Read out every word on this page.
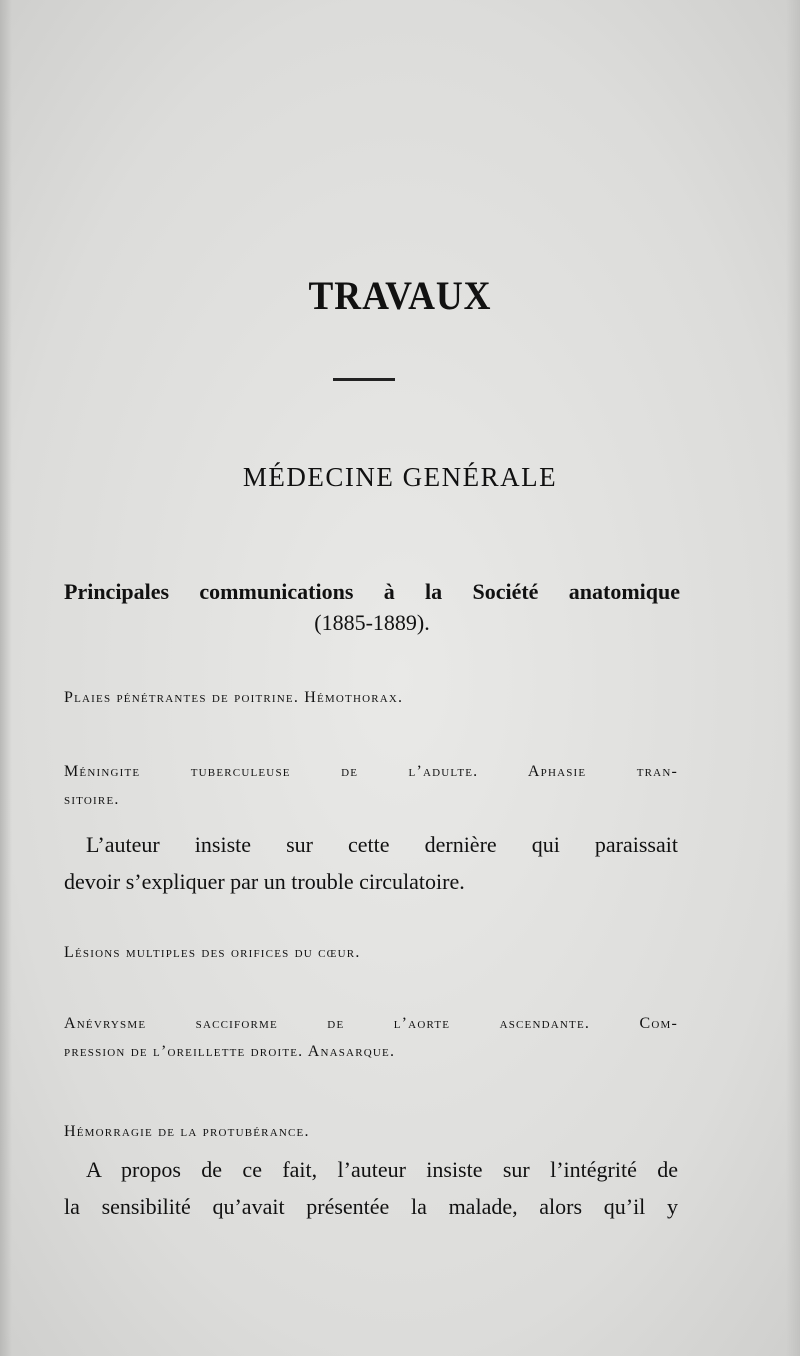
TRAVAUX
MÉDECINE GENÉRALE
Principales communications à la Société anatomique
(1885-1889).
Plaies pénétrantes de poitrine. Hémothorax.
Méningite tuberculeuse de l’adulte. Aphasie tran-
sitoire.
L’auteur insiste sur cette dernière qui paraissait
devoir s’expliquer par un trouble circulatoire.
Lésions multiples des orifices du cœur.
Anévrysme sacciforme de l’aorte ascendante. Com-
pression de l’oreillette droite. Anasarque.
Hémorragie de la protubérance.
A propos de ce fait, l’auteur insiste sur l’intégrité de
la sensibilité qu’avait présentée la malade, alors qu’il y
